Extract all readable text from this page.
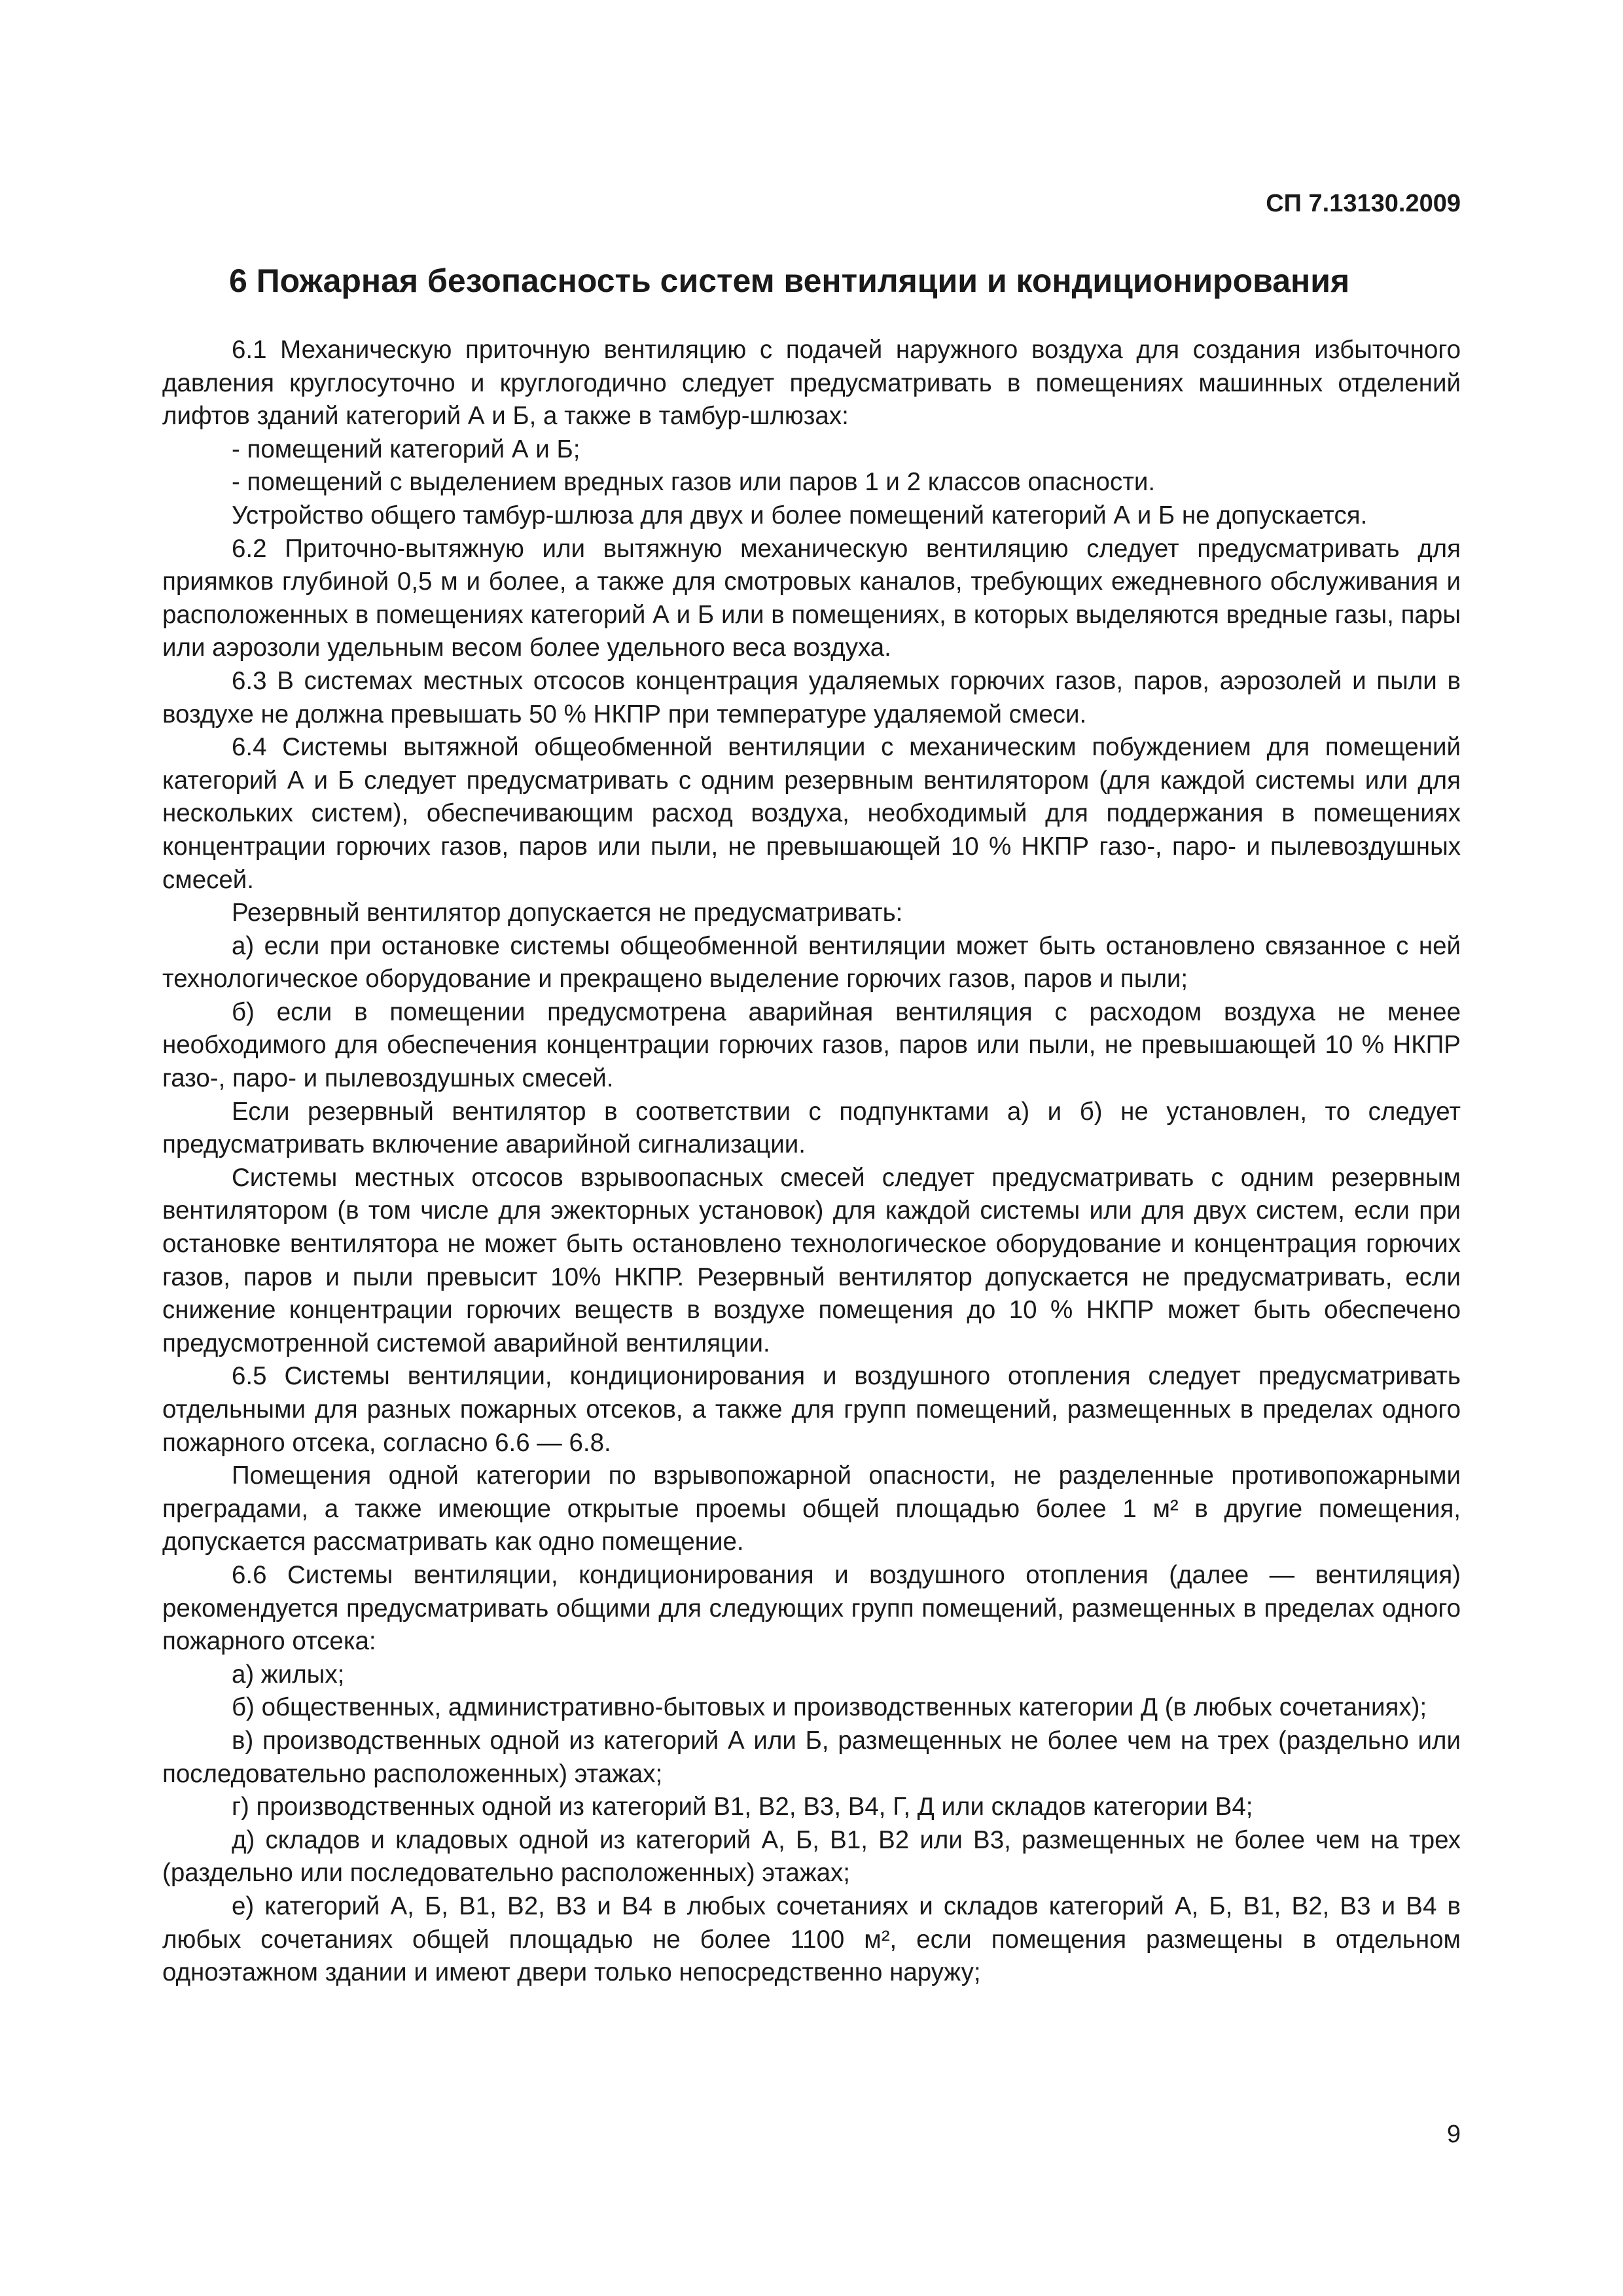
СП 7.13130.2009
6 Пожарная безопасность систем вентиляции и кондиционирования

6.1 Механическую приточную вентиляцию с подачей наружного воздуха для создания избыточного давления круглосуточно и круглогодично следует предусматривать в помещениях машинных отделений лифтов зданий категорий А и Б, а также в тамбур-шлюзах:

- помещений категорий А и Б;

- помещений с выделением вредных газов или паров 1 и 2 классов опасности.

Устройство общего тамбур-шлюза для двух и более помещений категорий А и Б не допускается.

6.2 Приточно-вытяжную или вытяжную механическую вентиляцию следует предусматривать для приямков глубиной 0,5 м и более, а также для смотровых каналов, требующих ежедневного обслуживания и расположенных в помещениях категорий А и Б или в помещениях, в которых выделяются вредные газы, пары или аэрозоли удельным весом более удельного веса воздуха.

6.3 В системах местных отсосов концентрация удаляемых горючих газов, паров, аэрозолей и пыли в воздухе не должна превышать 50 % НКПР при температуре удаляемой смеси.

6.4 Системы вытяжной общеобменной вентиляции с механическим побуждением для помещений категорий А и Б следует предусматривать с одним резервным вентилятором (для каждой системы или для нескольких систем), обеспечивающим расход воздуха, необходимый для поддержания в помещениях концентрации горючих газов, паров или пыли, не превышающей 10 % НКПР газо-, паро- и пылевоздушных смесей.

Резервный вентилятор допускается не предусматривать:

а) если при остановке системы общеобменной вентиляции может быть остановлено связанное с ней технологическое оборудование и прекращено выделение горючих газов, паров и пыли;

б) если в помещении предусмотрена аварийная вентиляция с расходом воздуха не менее необходимого для обеспечения концентрации горючих газов, паров или пыли, не превышающей 10 % НКПР газо-, паро- и пылевоздушных смесей.

Если резервный вентилятор в соответствии с подпунктами а) и б) не установлен, то следует предусматривать включение аварийной сигнализации.

Системы местных отсосов взрывоопасных смесей следует предусматривать с одним резервным вентилятором (в том числе для эжекторных установок) для каждой системы или для двух систем, если при остановке вентилятора не может быть остановлено технологическое оборудование и концентрация горючих газов, паров и пыли превысит 10% НКПР. Резервный вентилятор допускается не предусматривать, если снижение концентрации горючих веществ в воздухе помещения до 10 % НКПР может быть обеспечено предусмотренной системой аварийной вентиляции.

6.5 Системы вентиляции, кондиционирования и воздушного отопления следует предусматривать отдельными для разных пожарных отсеков, а также для групп помещений, размещенных в пределах одного пожарного отсека, согласно 6.6 — 6.8.

Помещения одной категории по взрывопожарной опасности, не разделенные противопожарными преградами, а также имеющие открытые проемы общей площадью более 1 м² в другие помещения, допускается рассматривать как одно помещение.

6.6 Системы вентиляции, кондиционирования и воздушного отопления (далее — вентиляция) рекомендуется предусматривать общими для следующих групп помещений, размещенных в пределах одного пожарного отсека:

а) жилых;

б) общественных, административно-бытовых и производственных категории Д (в любых сочетаниях);

в) производственных одной из категорий А или Б, размещенных не более чем на трех (раздельно или последовательно расположенных) этажах;

г) производственных одной из категорий В1, В2, В3, В4, Г, Д или складов категории В4;

д) складов и кладовых одной из категорий А, Б, В1, В2 или В3, размещенных не более чем на трех (раздельно или последовательно расположенных) этажах;

е) категорий А, Б, В1, В2, В3 и В4 в любых сочетаниях и складов категорий А, Б, В1, В2, В3 и В4 в любых сочетаниях общей площадью не более 1100 м², если помещения размещены в отдельном одноэтажном здании и имеют двери только непосредственно наружу;

9
